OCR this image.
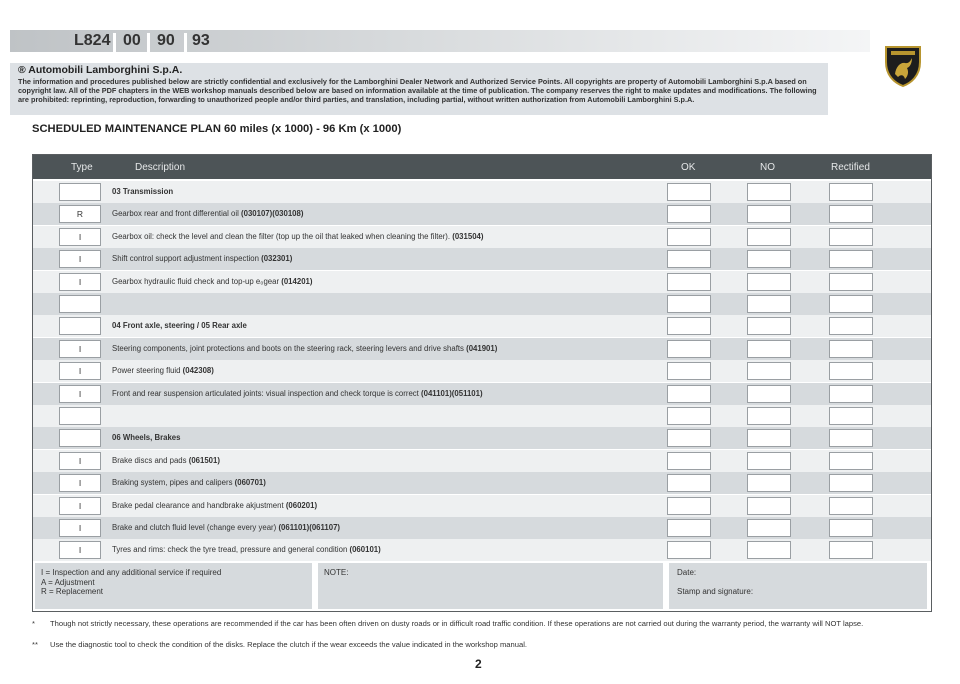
L824 00 90 93
® Automobili Lamborghini S.p.A.
The information and procedures published below are strictly confidential and exclusively for the Lamborghini Dealer Network and Authorized Service Points. All copyrights are property of Automobili Lamborghini S.p.A based on copyright law. All of the PDF chapters in the WEB workshop manuals described below are based on information available at the time of publication. The company reserves the right to make updates and modifications. The following are prohibited: reprinting, reproduction, forwarding to unauthorized people and/or third parties, and translation, including partial, without written authorization from Automobili Lamborghini S.p.A.
SCHEDULED MAINTENANCE PLAN 60 miles (x 1000) - 96 Km (x 1000)
Type	Description	OK	NO	Rectified
03 Transmission
R	Gearbox rear and front differential oil (030107)(030108)
I	Gearbox oil: check the level and clean the filter (top up the oil that leaked when cleaning the filter). (031504)
I	Shift control support adjustment inspection (032301)
I	Gearbox hydraulic fluid check and top-up e₀gear (014201)
04 Front axle, steering / 05 Rear axle
I	Steering components, joint protections and boots on the steering rack, steering levers and drive shafts (041901)
I	Power steering fluid (042308)
I	Front and rear suspension articulated joints: visual inspection and check torque is correct (041101)(051101)
06 Wheels, Brakes
I	Brake discs and pads (061501)
I	Braking system, pipes and calipers (060701)
I	Brake pedal clearance and handbrake akjustment (060201)
I	Brake and clutch fluid level (change every year) (061101)(061107)
I	Tyres and rims: check the tyre tread, pressure and general condition (060101)
I = Inspection and any additional service if required
A = Adjustment
R = Replacement
NOTE:	Date:
Stamp and signature:
*	Though not strictly necessary, these operations are recommended if the car has been often driven on dusty roads or in difficult road traffic condition. If these operations are not carried out during the warranty period, the warranty will NOT lapse.
**	Use the diagnostic tool to check the condition of the disks. Replace the clutch if the wear exceeds the value indicated in the workshop manual.
2
